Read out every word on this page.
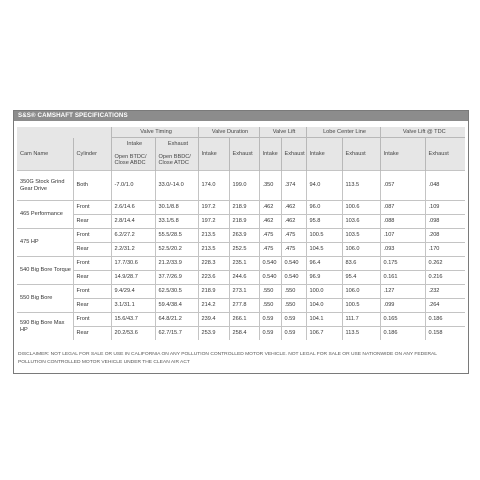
S&S® CAMSHAFT SPECIFICATIONS
		Valve Timing		Valve Duration		Valve Lift		Lobe Center Line		Valve Lift @ TDC	
Cam Name	Cylinder	Intake	Exhaust	Intake	Exhaust	Intake	Exhaust	Intake	Exhaust	Intake	Exhaust
		Open BTDC/ Close ABDC	Open BBDC/ Close ATDC								
350G Stock Grind Gear Drive	Both	-7.0/1.0	33.0/-14.0	174.0	199.0	.350	.374	94.0	113.5	.057	.048
465 Performance	Front	2.6/14.6	30.1/8.8	197.2	218.9	.462	.462	96.0	100.6	.087	.109
	Rear	2.8/14.4	33.1/5.8	197.2	218.9	.462	.462	95.8	103.6	.088	.098
475 HP	Front	6.2/27.2	55.5/28.5	213.5	263.9	.475	.475	100.5	103.5	.107	.208
	Rear	2.2/31.2	52.5/20.2	213.5	252.5	.475	.475	104.5	106.0	.093	.170
540 Big Bore Torque	Front	17.7/30.6	21.2/33.9	228.3	235.1	0.540	0.540	96.4	83.6	0.175	0.262
	Rear	14.9/28.7	37.7/26.9	223.6	244.6	0.540	0.540	96.9	95.4	0.161	0.216
550 Big Bore	Front	9.4/29.4	62.5/30.5	218.9	273.1	.550	.550	100.0	106.0	.127	.232
	Rear	3.1/31.1	59.4/38.4	214.2	277.8	.550	.550	104.0	100.5	.099	.264
590 Big Bore Max HP	Front	15.6/43.7	64.8/21.2	239.4	266.1	0.59	0.59	104.1	111.7	0.165	0.186
	Rear	20.2/53.6	62.7/15.7	253.9	258.4	0.59	0.59	106.7	113.5	0.186	0.158
DISCLAIMER: NOT LEGAL FOR SALE OR USE IN CALIFORNIA ON ANY POLLUTION CONTROLLED MOTOR VEHICLE. NOT LEGAL FOR SALE OR USE NATIONWIDE ON ANY FEDERAL POLLUTION CONTROLLED MOTOR VEHICLE UNDER THE CLEAN AIR ACT
